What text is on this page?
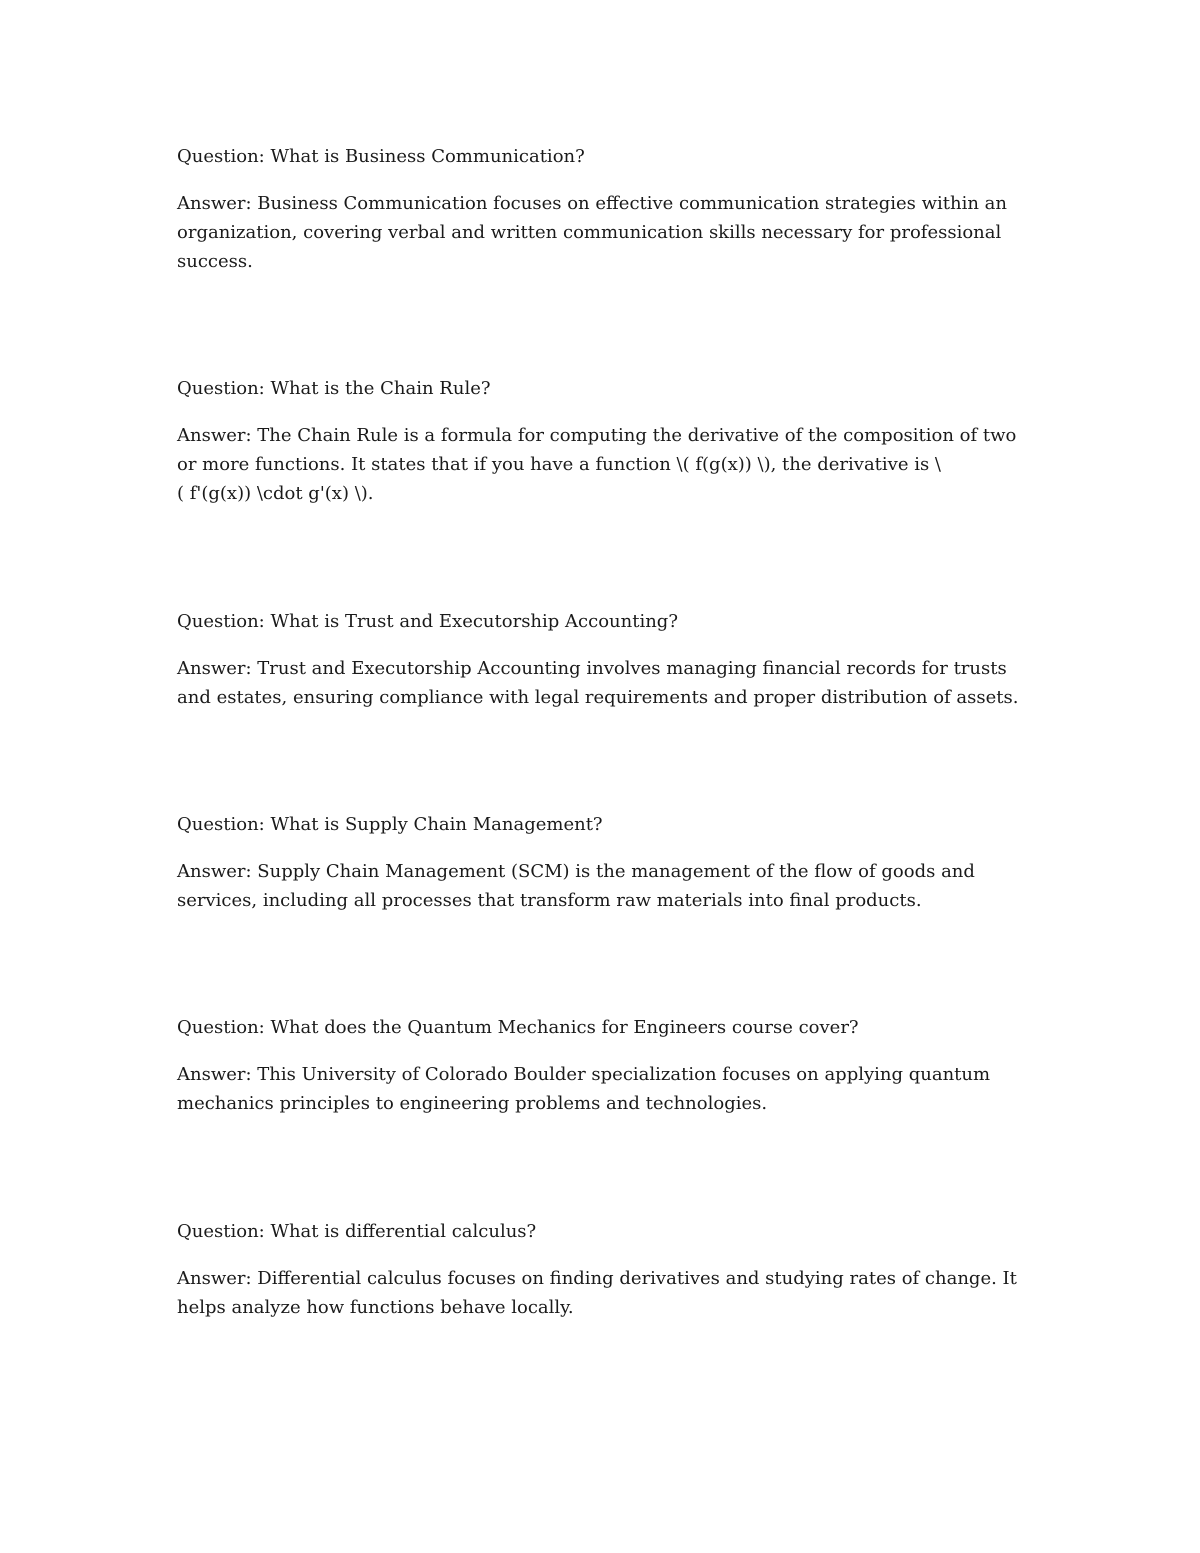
Question: What is Business Communication?

Answer: Business Communication focuses on effective communication strategies within an
organization, covering verbal and written communication skills necessary for professional
success.

Question: What is the Chain Rule?

Answer: The Chain Rule is a formula for computing the derivative of the composition of two
or more functions. It states that if you have a function \( f(g(x)) \), the derivative is \
( f'(g(x)) \cdot g'(x) \).

Question: What is Trust and Executorship Accounting?

Answer: Trust and Executorship Accounting involves managing financial records for trusts
and estates, ensuring compliance with legal requirements and proper distribution of assets.

Question: What is Supply Chain Management?

Answer: Supply Chain Management (SCM) is the management of the flow of goods and
services, including all processes that transform raw materials into final products.

Question: What does the Quantum Mechanics for Engineers course cover?

Answer: This University of Colorado Boulder specialization focuses on applying quantum
mechanics principles to engineering problems and technologies.

Question: What is differential calculus?

Answer: Differential calculus focuses on finding derivatives and studying rates of change. It
helps analyze how functions behave locally.
